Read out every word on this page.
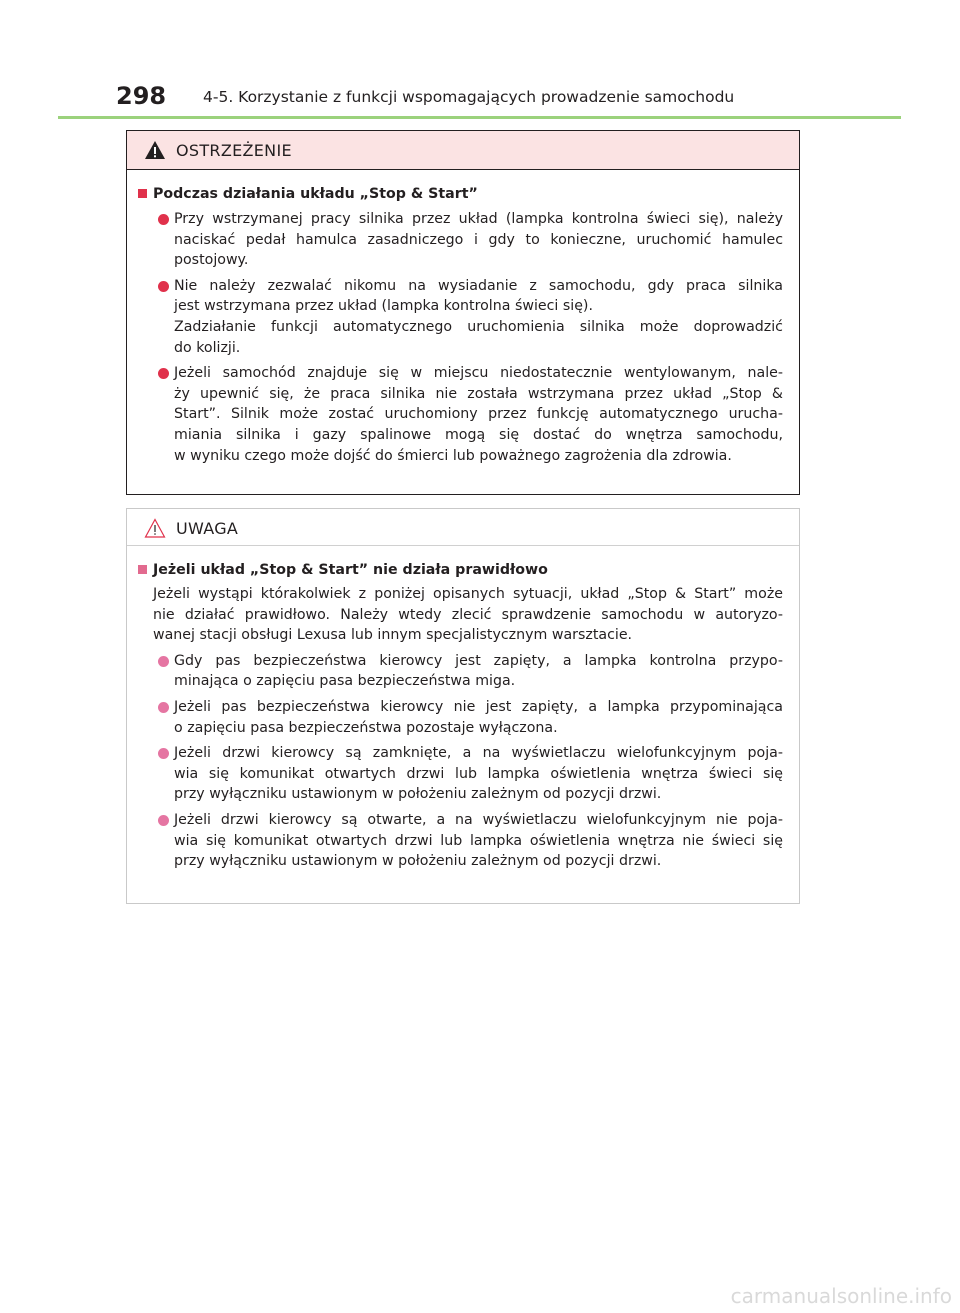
298 4-5. Korzystanie z funkcji wspomagających prowadzenie samochodu
OSTRZEŻENIE
Podczas działania układu „Stop & Start”
Przy wstrzymanej pracy silnika przez układ (lampka kontrolna świeci się), należy
naciskać pedał hamulca zasadniczego i gdy to konieczne, uruchomić hamulec
postojowy.
Nie należy zezwalać nikomu na wysiadanie z samochodu, gdy praca silnika
jest wstrzymana przez układ (lampka kontrolna świeci się).
Zadziałanie funkcji automatycznego uruchomienia silnika może doprowadzić
do kolizji.
Jeżeli samochód znajduje się w miejscu niedostatecznie wentylowanym, nale-
ży upewnić się, że praca silnika nie została wstrzymana przez układ „Stop &
Start”. Silnik może zostać uruchomiony przez funkcję automatycznego urucha-
miania silnika i gazy spalinowe mogą się dostać do wnętrza samochodu,
w wyniku czego może dojść do śmierci lub poważnego zagrożenia dla zdrowia.
UWAGA
Jeżeli układ „Stop & Start” nie działa prawidłowo
Jeżeli wystąpi którakolwiek z poniżej opisanych sytuacji, układ „Stop & Start” może
nie działać prawidłowo. Należy wtedy zlecić sprawdzenie samochodu w autoryzo-
wanej stacji obsługi Lexusa lub innym specjalistycznym warsztacie.
Gdy pas bezpieczeństwa kierowcy jest zapięty, a lampka kontrolna przypo-
minająca o zapięciu pasa bezpieczeństwa miga.
Jeżeli pas bezpieczeństwa kierowcy nie jest zapięty, a lampka przypominająca
o zapięciu pasa bezpieczeństwa pozostaje wyłączona.
Jeżeli drzwi kierowcy są zamknięte, a na wyświetlaczu wielofunkcyjnym poja-
wia się komunikat otwartych drzwi lub lampka oświetlenia wnętrza świeci się
przy wyłączniku ustawionym w położeniu zależnym od pozycji drzwi.
Jeżeli drzwi kierowcy są otwarte, a na wyświetlaczu wielofunkcyjnym nie poja-
wia się komunikat otwartych drzwi lub lampka oświetlenia wnętrza nie świeci się
przy wyłączniku ustawionym w położeniu zależnym od pozycji drzwi.
carmanualsonline.info
